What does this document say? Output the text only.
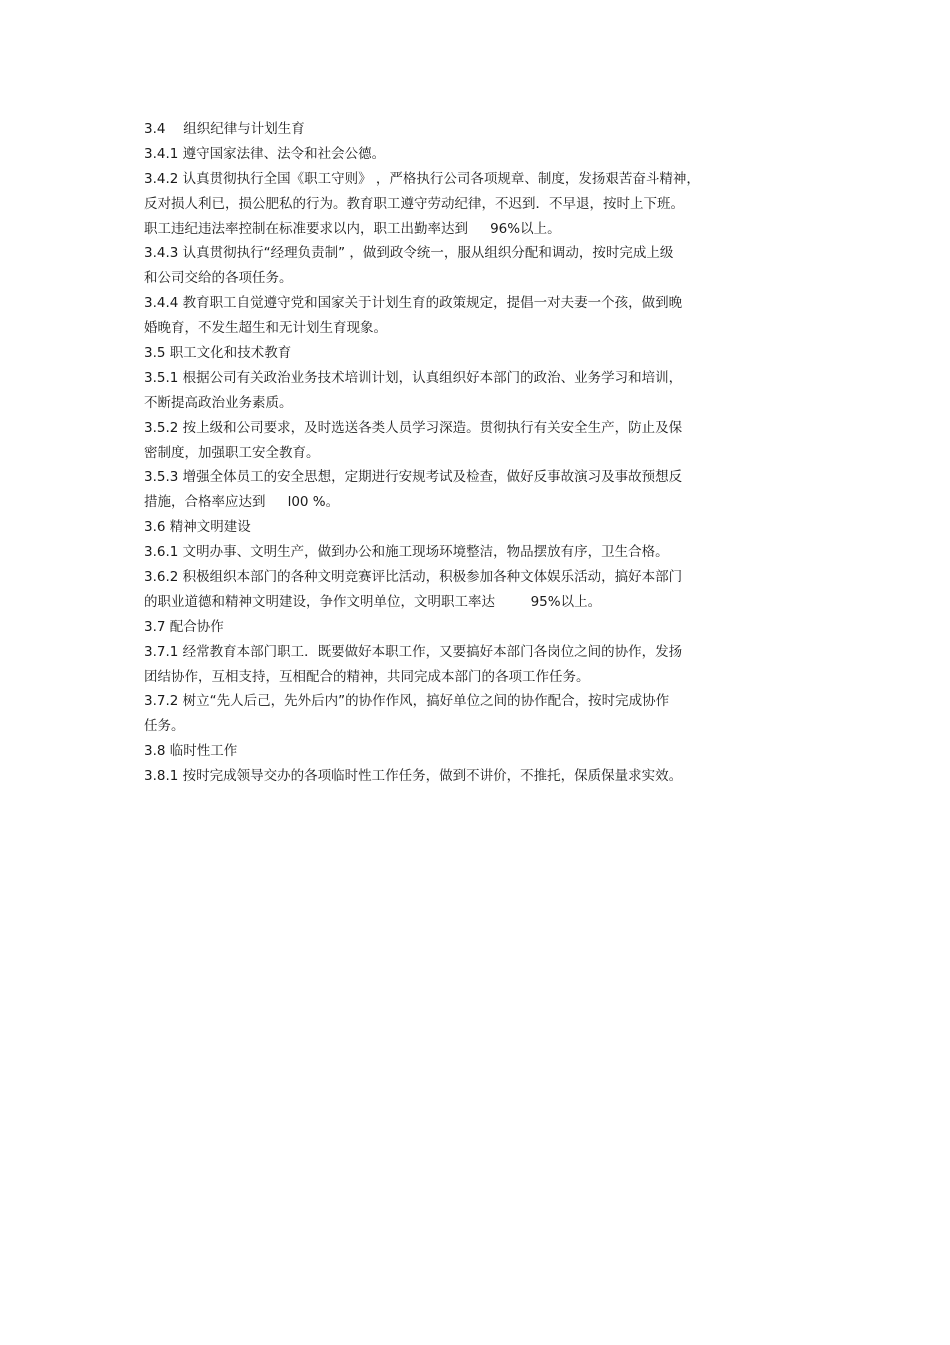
3.4 　组织纪律与计划生育
3.4.1 遵守国家法律、法令和社会公德。
3.4.2 认真贯彻执行全国《职工守则》 ，严格执行公司各项规章、制度，发扬艰苦奋斗精神，
反对损人利已，损公肥私的行为。教育职工遵守劳动纪律，不迟到．不早退，按时上下班。
职工违纪违法率控制在标准要求以内，职工出勤率达到 　 96%以上。
3.4.3 认真贯彻执行“经理负责制” ，做到政令统一，服从组织分配和调动，按时完成上级
和公司交给的各项任务。
3.4.4 教育职工自觉遵守党和国家关于计划生育的政策规定，提倡一对夫妻一个孩，做到晚
婚晚育，不发生超生和无计划生育现象。
3.5 职工文化和技术教育
3.5.1 根据公司有关政治业务技术培训计划，认真组织好本部门的政治、业务学习和培训，
不断提高政治业务素质。
3.5.2 按上级和公司要求，及时选送各类人员学习深造。贯彻执行有关安全生产，防止及保
密制度，加强职工安全教育。
3.5.3 增强全体员工的安全思想，定期进行安规考试及检查，做好反事故演习及事故预想反
措施，合格率应达到 　 l00 %。
3.6 精神文明建设
3.6.1 文明办事、文明生产，做到办公和施工现场环境整洁，物品摆放有序，卫生合格。
3.6.2 积极组织本部门的各种文明竞赛评比活动，积极参加各种文体娱乐活动，搞好本部门
的职业道德和精神文明建设，争作文明单位，文明职工率达 　　 95%以上。
3.7 配合协作
3.7.1 经常教育本部门职工．既要做好本职工作，又要搞好本部门各岗位之间的协作，发扬
团结协作，互相支持，互相配合的精神，共同完成本部门的各项工作任务。
3.7.2 树立“先人后己，先外后内”的协作作风，搞好单位之间的协作配合，按时完成协作
任务。
3.8 临时性工作
3.8.1 按时完成领导交办的各项临时性工作任务，做到不讲价，不推托，保质保量求实效。
